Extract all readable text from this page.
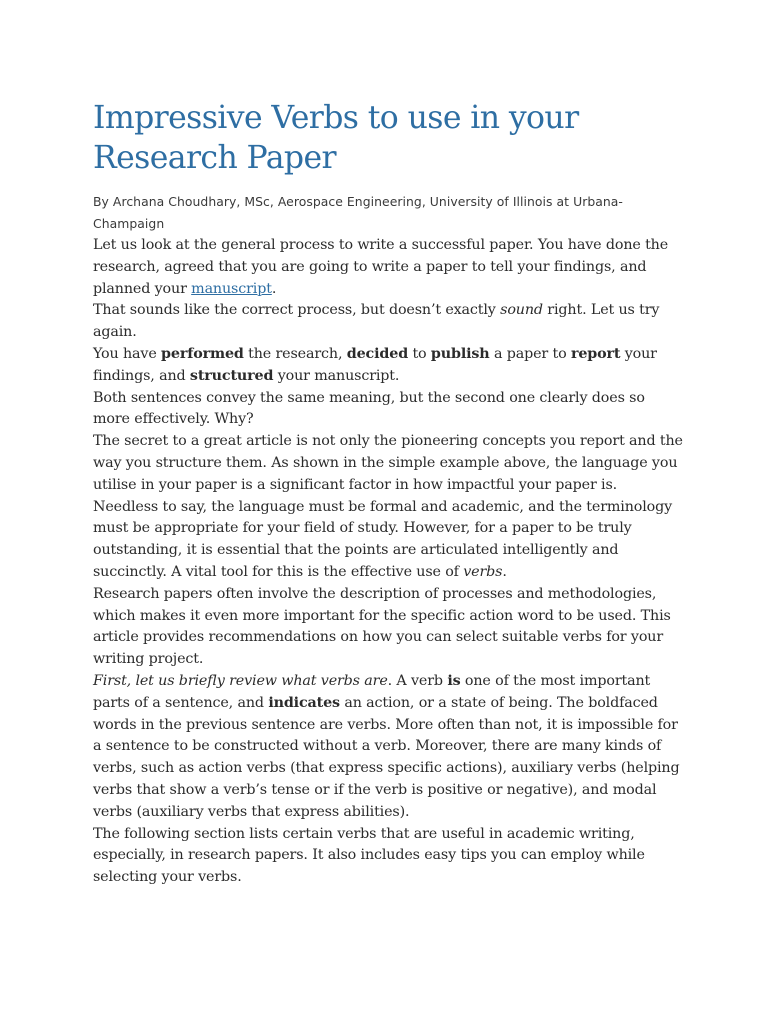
Impressive Verbs to use in your Research Paper

By Archana Choudhary, MSc, Aerospace Engineering, University of Illinois at Urbana-Champaign

Let us look at the general process to write a successful paper. You have done the research, agreed that you are going to write a paper to tell your findings, and planned your manuscript.

That sounds like the correct process, but doesn’t exactly sound right. Let us try again.

You have performed the research, decided to publish a paper to report your findings, and structured your manuscript.

Both sentences convey the same meaning, but the second one clearly does so more effectively. Why?

The secret to a great article is not only the pioneering concepts you report and the way you structure them. As shown in the simple example above, the language you utilise in your paper is a significant factor in how impactful your paper is. Needless to say, the language must be formal and academic, and the terminology must be appropriate for your field of study. However, for a paper to be truly outstanding, it is essential that the points are articulated intelligently and succinctly. A vital tool for this is the effective use of verbs.

Research papers often involve the description of processes and methodologies, which makes it even more important for the specific action word to be used. This article provides recommendations on how you can select suitable verbs for your writing project.

First, let us briefly review what verbs are. A verb is one of the most important parts of a sentence, and indicates an action, or a state of being. The boldfaced words in the previous sentence are verbs. More often than not, it is impossible for a sentence to be constructed without a verb. Moreover, there are many kinds of verbs, such as action verbs (that express specific actions), auxiliary verbs (helping verbs that show a verb’s tense or if the verb is positive or negative), and modal verbs (auxiliary verbs that express abilities).

The following section lists certain verbs that are useful in academic writing, especially, in research papers. It also includes easy tips you can employ while selecting your verbs.
